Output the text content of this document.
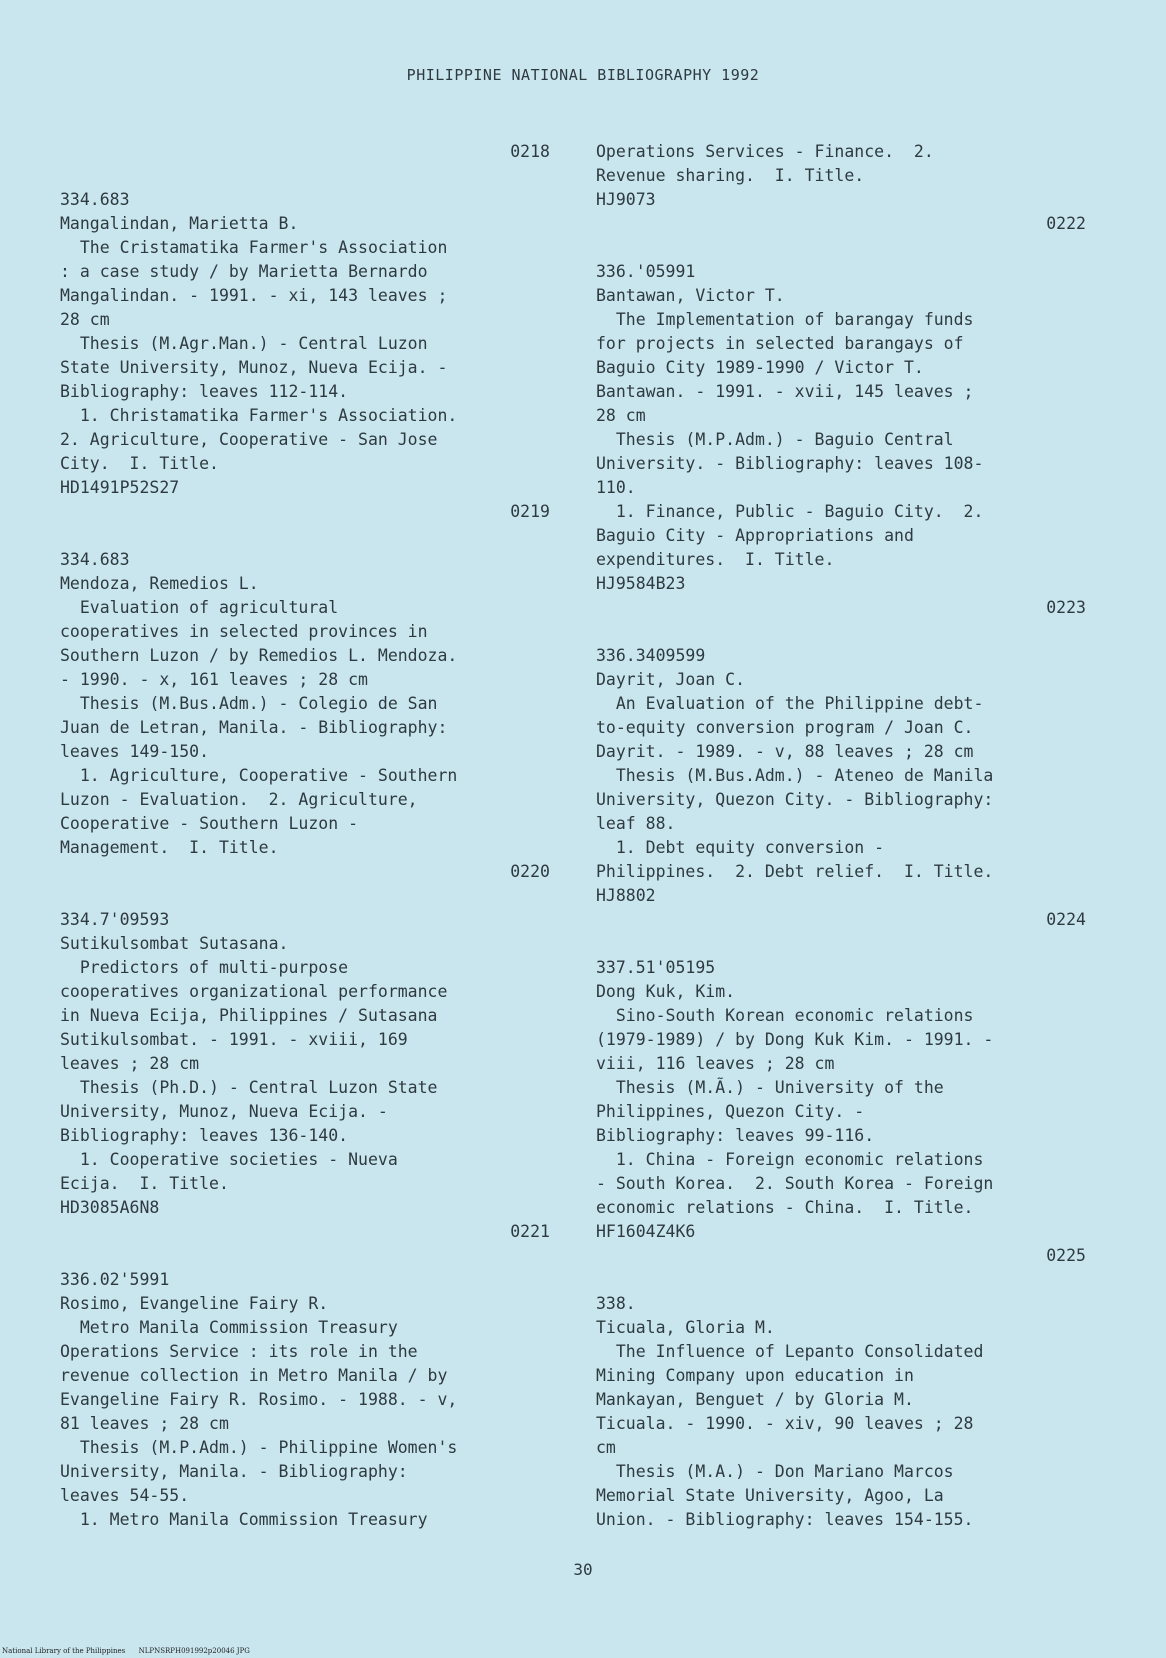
PHILIPPINE NATIONAL BIBLIOGRAPHY 1992
0218
334.683
Mangalindan, Marietta B.
The Cristamatika Farmer's Association
: a case study / by Marietta Bernardo
Mangalindan. - 1991. - xi, 143 leaves ;
28 cm
Thesis (M.Agr.Man.) - Central Luzon
State University, Munoz, Nueva Ecija. -
Bibliography: leaves 112-114.
1. Christamatika Farmer's Association.
2. Agriculture, Cooperative - San Jose
City.  I. Title.
HD1491P52S27
0219
334.683
Mendoza, Remedios L.
Evaluation of agricultural
cooperatives in selected provinces in
Southern Luzon / by Remedios L. Mendoza.
- 1990. - x, 161 leaves ; 28 cm
Thesis (M.Bus.Adm.) - Colegio de San
Juan de Letran, Manila. - Bibliography:
leaves 149-150.
1. Agriculture, Cooperative - Southern
Luzon - Evaluation.  2. Agriculture,
Cooperative - Southern Luzon -
Management.  I. Title.
0220
334.7'09593
Sutikulsombat Sutasana.
Predictors of multi-purpose
cooperatives organizational performance
in Nueva Ecija, Philippines / Sutasana
Sutikulsombat. - 1991. - xviii, 169
leaves ; 28 cm
Thesis (Ph.D.) - Central Luzon State
University, Munoz, Nueva Ecija. -
Bibliography: leaves 136-140.
1. Cooperative societies - Nueva
Ecija.  I. Title.
HD3085A6N8
0221
336.02'5991
Rosimo, Evangeline Fairy R.
Metro Manila Commission Treasury
Operations Service : its role in the
revenue collection in Metro Manila / by
Evangeline Fairy R. Rosimo. - 1988. - v,
81 leaves ; 28 cm
Thesis (M.P.Adm.) - Philippine Women's
University, Manila. - Bibliography:
leaves 54-55.
1. Metro Manila Commission Treasury
Operations Services - Finance.  2.
Revenue sharing.  I. Title.
HJ9073
0222
336.'05991
Bantawan, Victor T.
The Implementation of barangay funds
for projects in selected barangays of
Baguio City 1989-1990 / Victor T.
Bantawan. - 1991. - xvii, 145 leaves ;
28 cm
Thesis (M.P.Adm.) - Baguio Central
University. - Bibliography: leaves 108-
110.
1. Finance, Public - Baguio City.  2.
Baguio City - Appropriations and
expenditures.  I. Title.
HJ9584B23
0223
336.3409599
Dayrit, Joan C.
An Evaluation of the Philippine debt-
to-equity conversion program / Joan C.
Dayrit. - 1989. - v, 88 leaves ; 28 cm
Thesis (M.Bus.Adm.) - Ateneo de Manila
University, Quezon City. - Bibliography:
leaf 88.
1. Debt equity conversion -
Philippines.  2. Debt relief.  I. Title.
HJ8802
0224
337.51'05195
Dong Kuk, Kim.
Sino-South Korean economic relations
(1979-1989) / by Dong Kuk Kim. - 1991. -
viii, 116 leaves ; 28 cm
Thesis (M.Ã.) - University of the
Philippines, Quezon City. -
Bibliography: leaves 99-116.
1. China - Foreign economic relations
- South Korea.  2. South Korea - Foreign
economic relations - China.  I. Title.
HF1604Z4K6
0225
338.
Ticuala, Gloria M.
The Influence of Lepanto Consolidated
Mining Company upon education in
Mankayan, Benguet / by Gloria M.
Ticuala. - 1990. - xiv, 90 leaves ; 28
cm
Thesis (M.A.) - Don Mariano Marcos
Memorial State University, Agoo, La
Union. - Bibliography: leaves 154-155.
30
National Library of the Philippines NLPNSRPH091992p20046 JPG
